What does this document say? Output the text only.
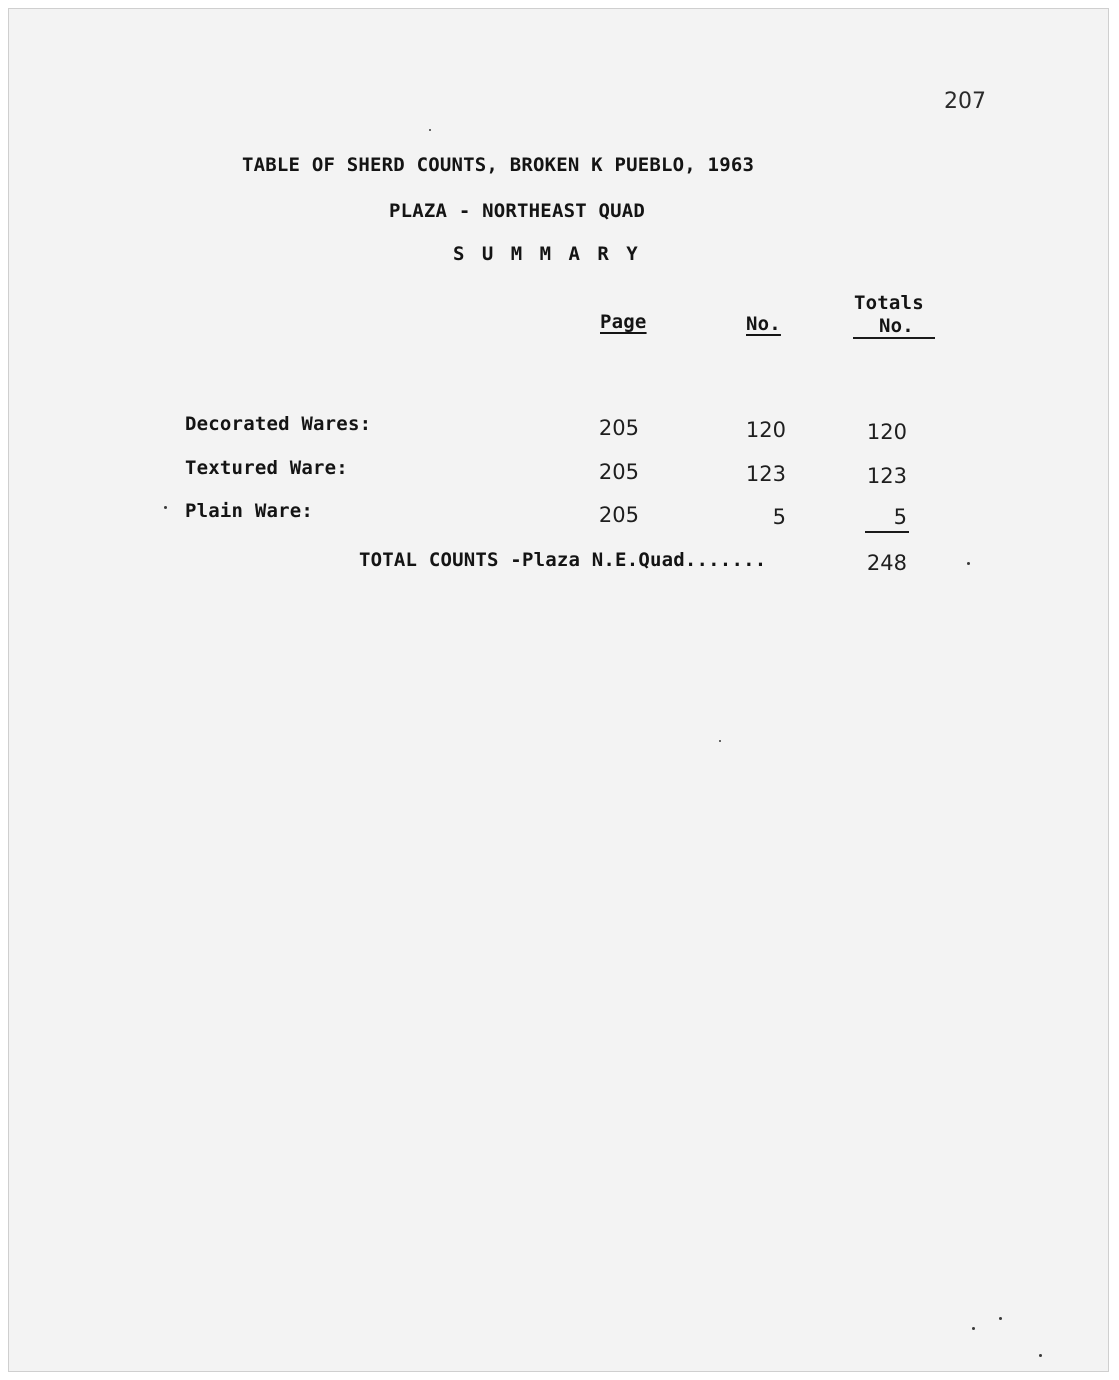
207
TABLE OF SHERD COUNTS, BROKEN K PUEBLO, 1963
PLAZA - NORTHEAST QUAD
S U M M A R Y
Page	No.
Totals
No.
Decorated Wares:	205	120	120
Textured Ware:	205	123	123
Plain Ware:	205	5	5
TOTAL COUNTS -Plaza N.E.Quad.......	248
